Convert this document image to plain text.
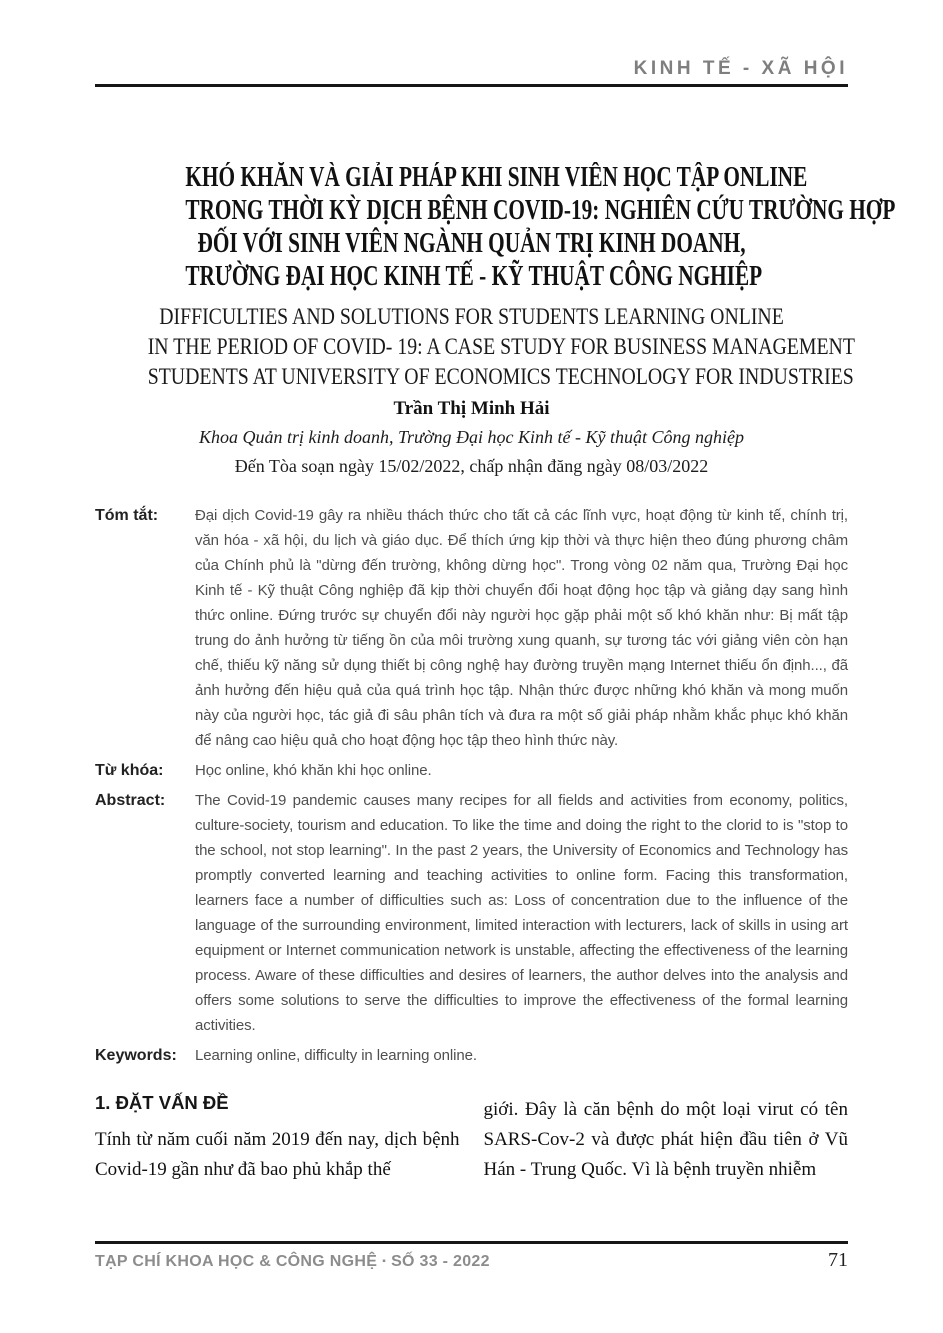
KINH TẾ - XÃ HỘI
KHÓ KHĂN VÀ GIẢI PHÁP KHI SINH VIÊN HỌC TẬP ONLINE
TRONG THỜI KỲ DỊCH BỆNH COVID-19: NGHIÊN CỨU TRƯỜNG HỢP
ĐỐI VỚI SINH VIÊN NGÀNH QUẢN TRỊ KINH DOANH,
TRƯỜNG ĐẠI HỌC KINH TẾ - KỸ THUẬT CÔNG NGHIỆP
DIFFICULTIES AND SOLUTIONS FOR STUDENTS LEARNING ONLINE
IN THE PERIOD OF COVID- 19: A CASE STUDY FOR BUSINESS MANAGEMENT
STUDENTS AT UNIVERSITY OF ECONOMICS TECHNOLOGY FOR INDUSTRIES
Trần Thị Minh Hải
Khoa Quản trị kinh doanh, Trường Đại học Kinh tế - Kỹ thuật Công nghiệp
Đến Tòa soạn ngày 15/02/2022, chấp nhận đăng ngày 08/03/2022
Tóm tắt:	Đại dịch Covid-19 gây ra nhiều thách thức cho tất cả các lĩnh vực, hoạt động từ kinh tế, chính trị, văn hóa - xã hội, du lịch và giáo dục. Để thích ứng kịp thời và thực hiện theo đúng phương châm của Chính phủ là "dừng đến trường, không dừng học". Trong vòng 02 năm qua, Trường Đại học Kinh tế - Kỹ thuật Công nghiệp đã kịp thời chuyển đổi hoạt động học tập và giảng dạy sang hình thức online. Đứng trước sự chuyển đổi này người học gặp phải một số khó khăn như: Bị mất tập trung do ảnh hưởng từ tiếng ồn của môi trường xung quanh, sự tương tác với giảng viên còn hạn chế, thiếu kỹ năng sử dụng thiết bị công nghệ hay đường truyền mạng Internet thiếu ổn định..., đã ảnh hưởng đến hiệu quả của quá trình học tập. Nhận thức được những khó khăn và mong muốn này của người học, tác giả đi sâu phân tích và đưa ra một số giải pháp nhằm khắc phục khó khăn để nâng cao hiệu quả cho hoạt động học tập theo hình thức này.
Từ khóa:	Học online, khó khăn khi học online.
Abstract:	The Covid-19 pandemic causes many recipes for all fields and activities from economy, politics, culture-society, tourism and education. To like the time and doing the right to the clorid to is "stop to the school, not stop learning". In the past 2 years, the University of Economics and Technology has promptly converted learning and teaching activities to online form. Facing this transformation, learners face a number of difficulties such as: Loss of concentration due to the influence of the language of the surrounding environment, limited interaction with lecturers, lack of skills in using art equipment or Internet communication network is unstable, affecting the effectiveness of the learning process. Aware of these difficulties and desires of learners, the author delves into the analysis and offers some solutions to serve the difficulties to improve the effectiveness of the formal learning activities.
Keywords:	Learning online, difficulty in learning online.
1. ĐẶT VẤN ĐỀ
Tính từ năm cuối năm 2019 đến nay, dịch bệnh Covid-19 gần như đã bao phủ khắp thế
giới. Đây là căn bệnh do một loại virut có tên SARS-Cov-2 và được phát hiện đầu tiên ở Vũ Hán - Trung Quốc. Vì là bệnh truyền nhiễm
TẠP CHÍ KHOA HỌC & CÔNG NGHỆ ▪ SỐ 33 - 2022	71
